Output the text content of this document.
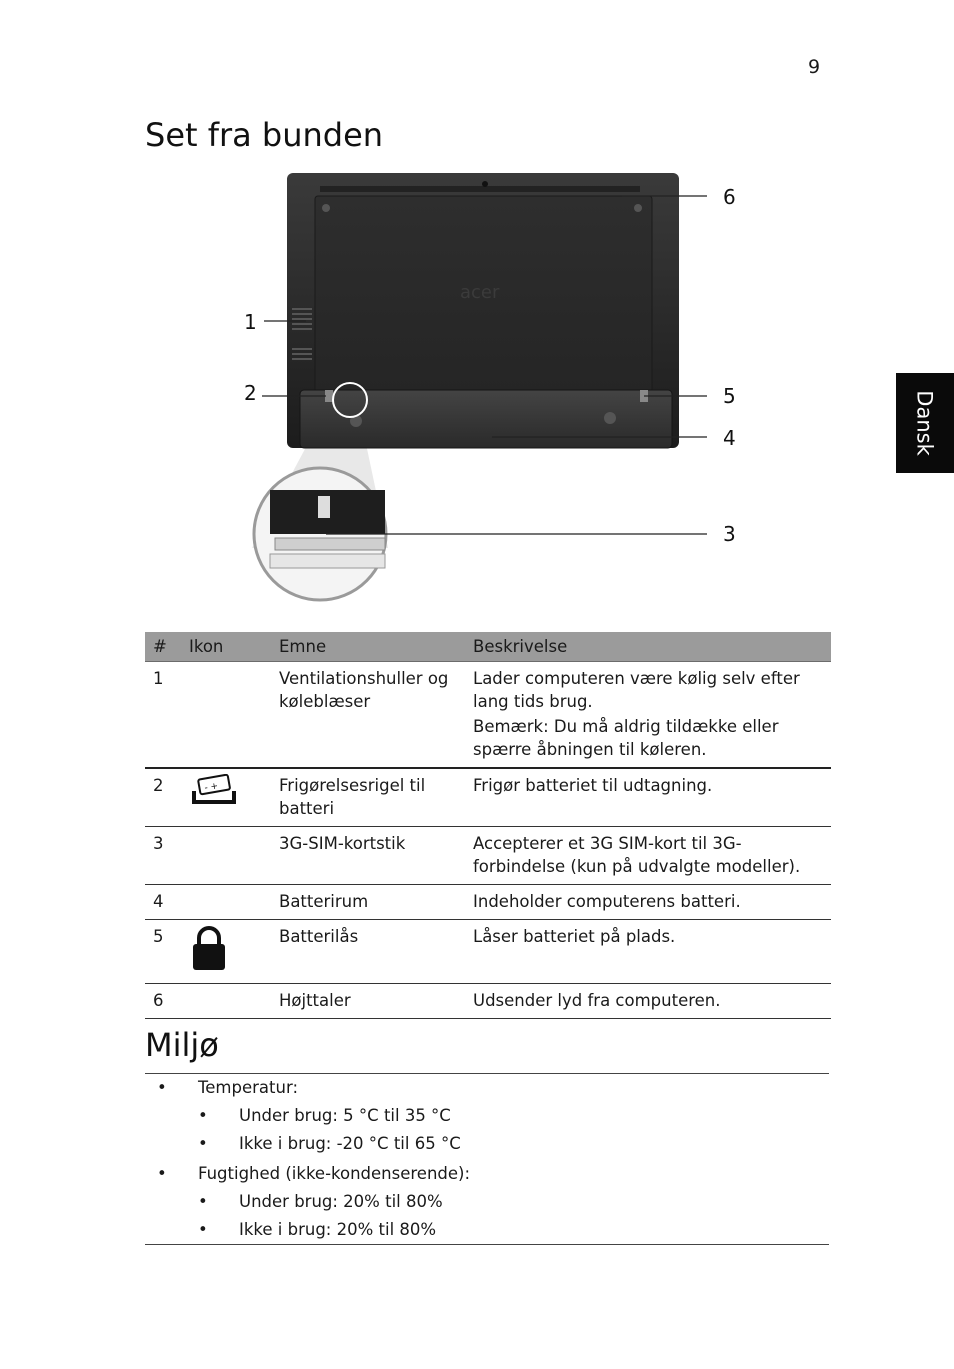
9
Dansk
Set fra bunden
acer
1
2
3
4
5
6
#	Ikon	Emne	Beskrivelse
1		Ventilationshuller og køleblæser	Lader computeren være kølig selv efter lang tids brug.
Bemærk: Du må aldrig tildække eller spærre åbningen til køleren.

2	- +	Frigørelsesrigel til batteri	Frigør batteriet til udtagning.
3		3G-SIM-kortstik	Accepterer et 3G SIM-kort til 3G-forbindelse (kun på udvalgte modeller).
4		Batterirum	Indeholder computerens batteri.
5		Batterilås	Låser batteriet på plads.
6		Højttaler	Udsender lyd fra computeren.
Miljø
• Temperatur:
• Under brug: 5 °C til 35 °C
• Ikke i brug: -20 °C til 65 °C
• Fugtighed (ikke-kondenserende):
• Under brug: 20% til 80%
• Ikke i brug: 20% til 80%
